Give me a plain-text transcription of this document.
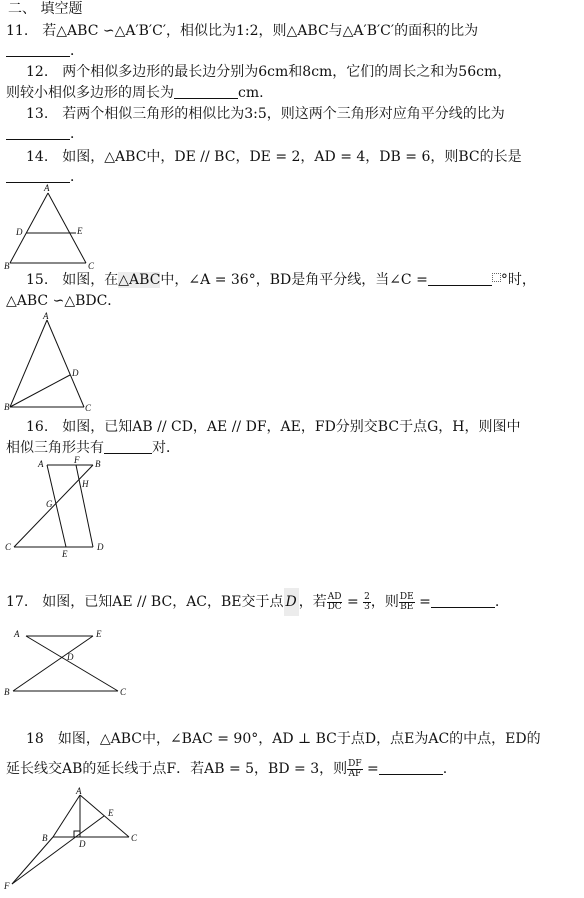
二、 填空题
11.　若△ABC ∽△A′B′C′，相似比为1:2，则△ABC与△A′B′C′的面积的比为
．
12.　两个相似多边形的最长边分别为6cm和8cm，它们的周长之和为56cm，
则较小相似多边形的周长为	cm.
13.　若两个相似三角形的相似比为3:5，则这两个三角形对应角平分线的比为
．
14.　如图，△ABC中，DE // BC，DE = 2，AD = 4，DB = 6，则BC的长是
．
A
D	E
B	C
15.　如图，在△ABC中，∠A = 36°，BD是角平分线，当∠C =	°时，
△ABC ∽△BDC．
A
B	C
D
16.　如图，已知AB // CD，AE // DF，AE，FD分别交BC于点G，H，则图中
相似三角形共有	对．
A	F B
H
G
C
E
D
17.　如图，已知AE // BC，AC，BE交于点 D ，若 $\frac{AD}{DC} = \frac{2}{3}$ ，则 $\frac{DE}{BE}$ =	.
A	E
D
B	C
18　如图，△ABC中，∠BAC = 90°，AD ⊥ BC于点D，点E为AC的中点，ED的
延长线交AB的延长线于点F．若AB = 5，BD = 3，则 $\frac{DF}{AF}$ =	.
A
B
D
E
C
F
